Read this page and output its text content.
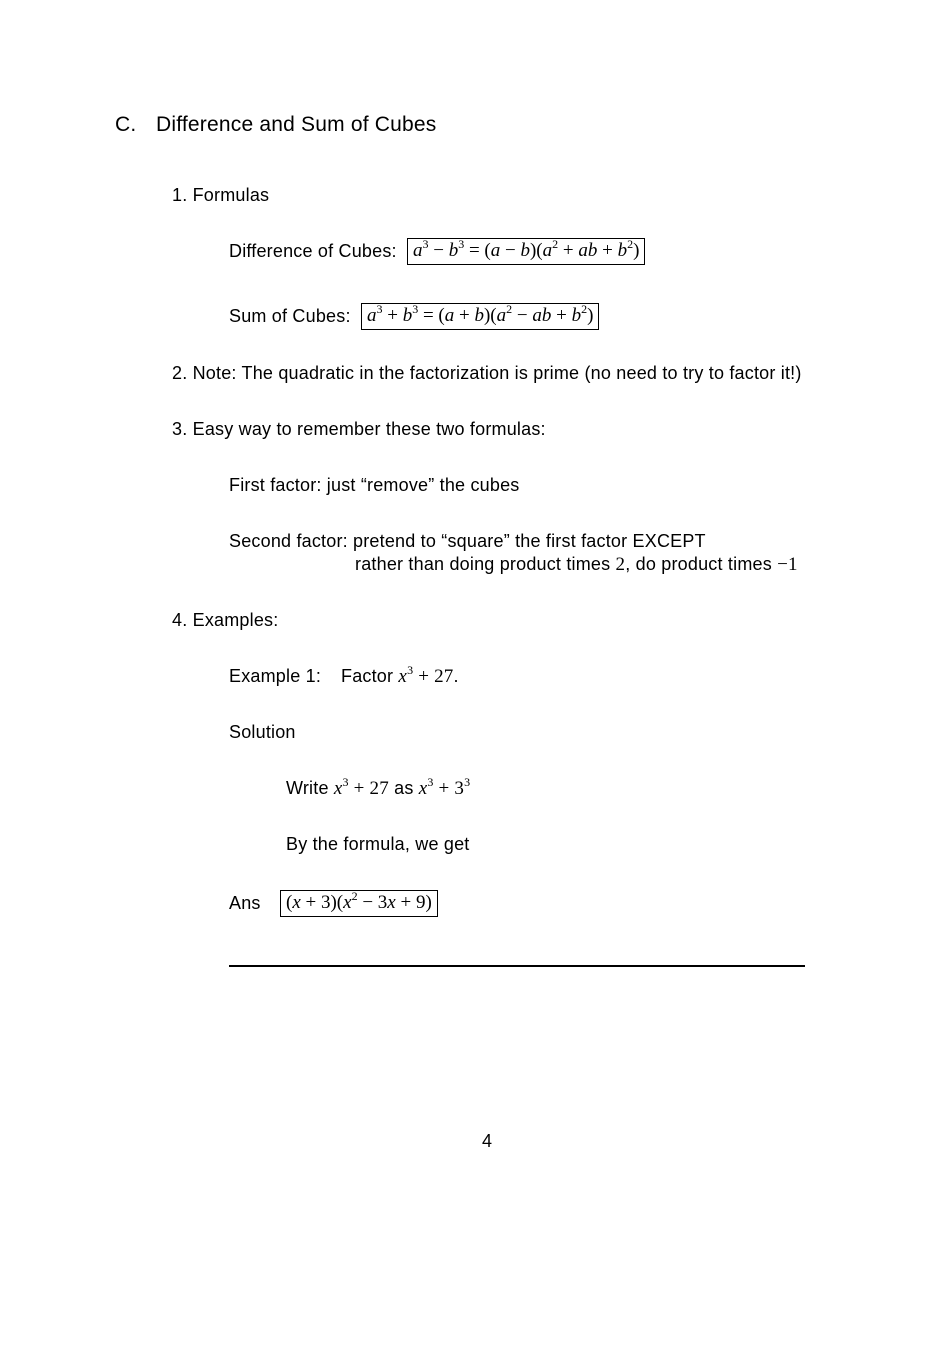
C. Difference and Sum of Cubes
1. Formulas
Difference of Cubes: $a^3 - b^3 = (a - b)(a^2$ + ab + $b^2$)
Sum of Cubes: $a^3 + b^3 = (a + b)(a^2$ − ab + $b^2$)
2. Note: The quadratic in the factorization is prime (no need to try to factor it!)
3. Easy way to remember these two formulas:
First factor: just “remove” the cubes
Second factor: pretend to “square” the first factor EXCEPT
rather than doing product times 2, do product times −1
4. Examples:
Example 1: Factor $x^3 + 27$.
Solution
Write $x^3 + 27$ as $x^3 + 3^3$
By the formula, we get
Ans	$(x + 3)(x^2 - 3x + 9)$
4
